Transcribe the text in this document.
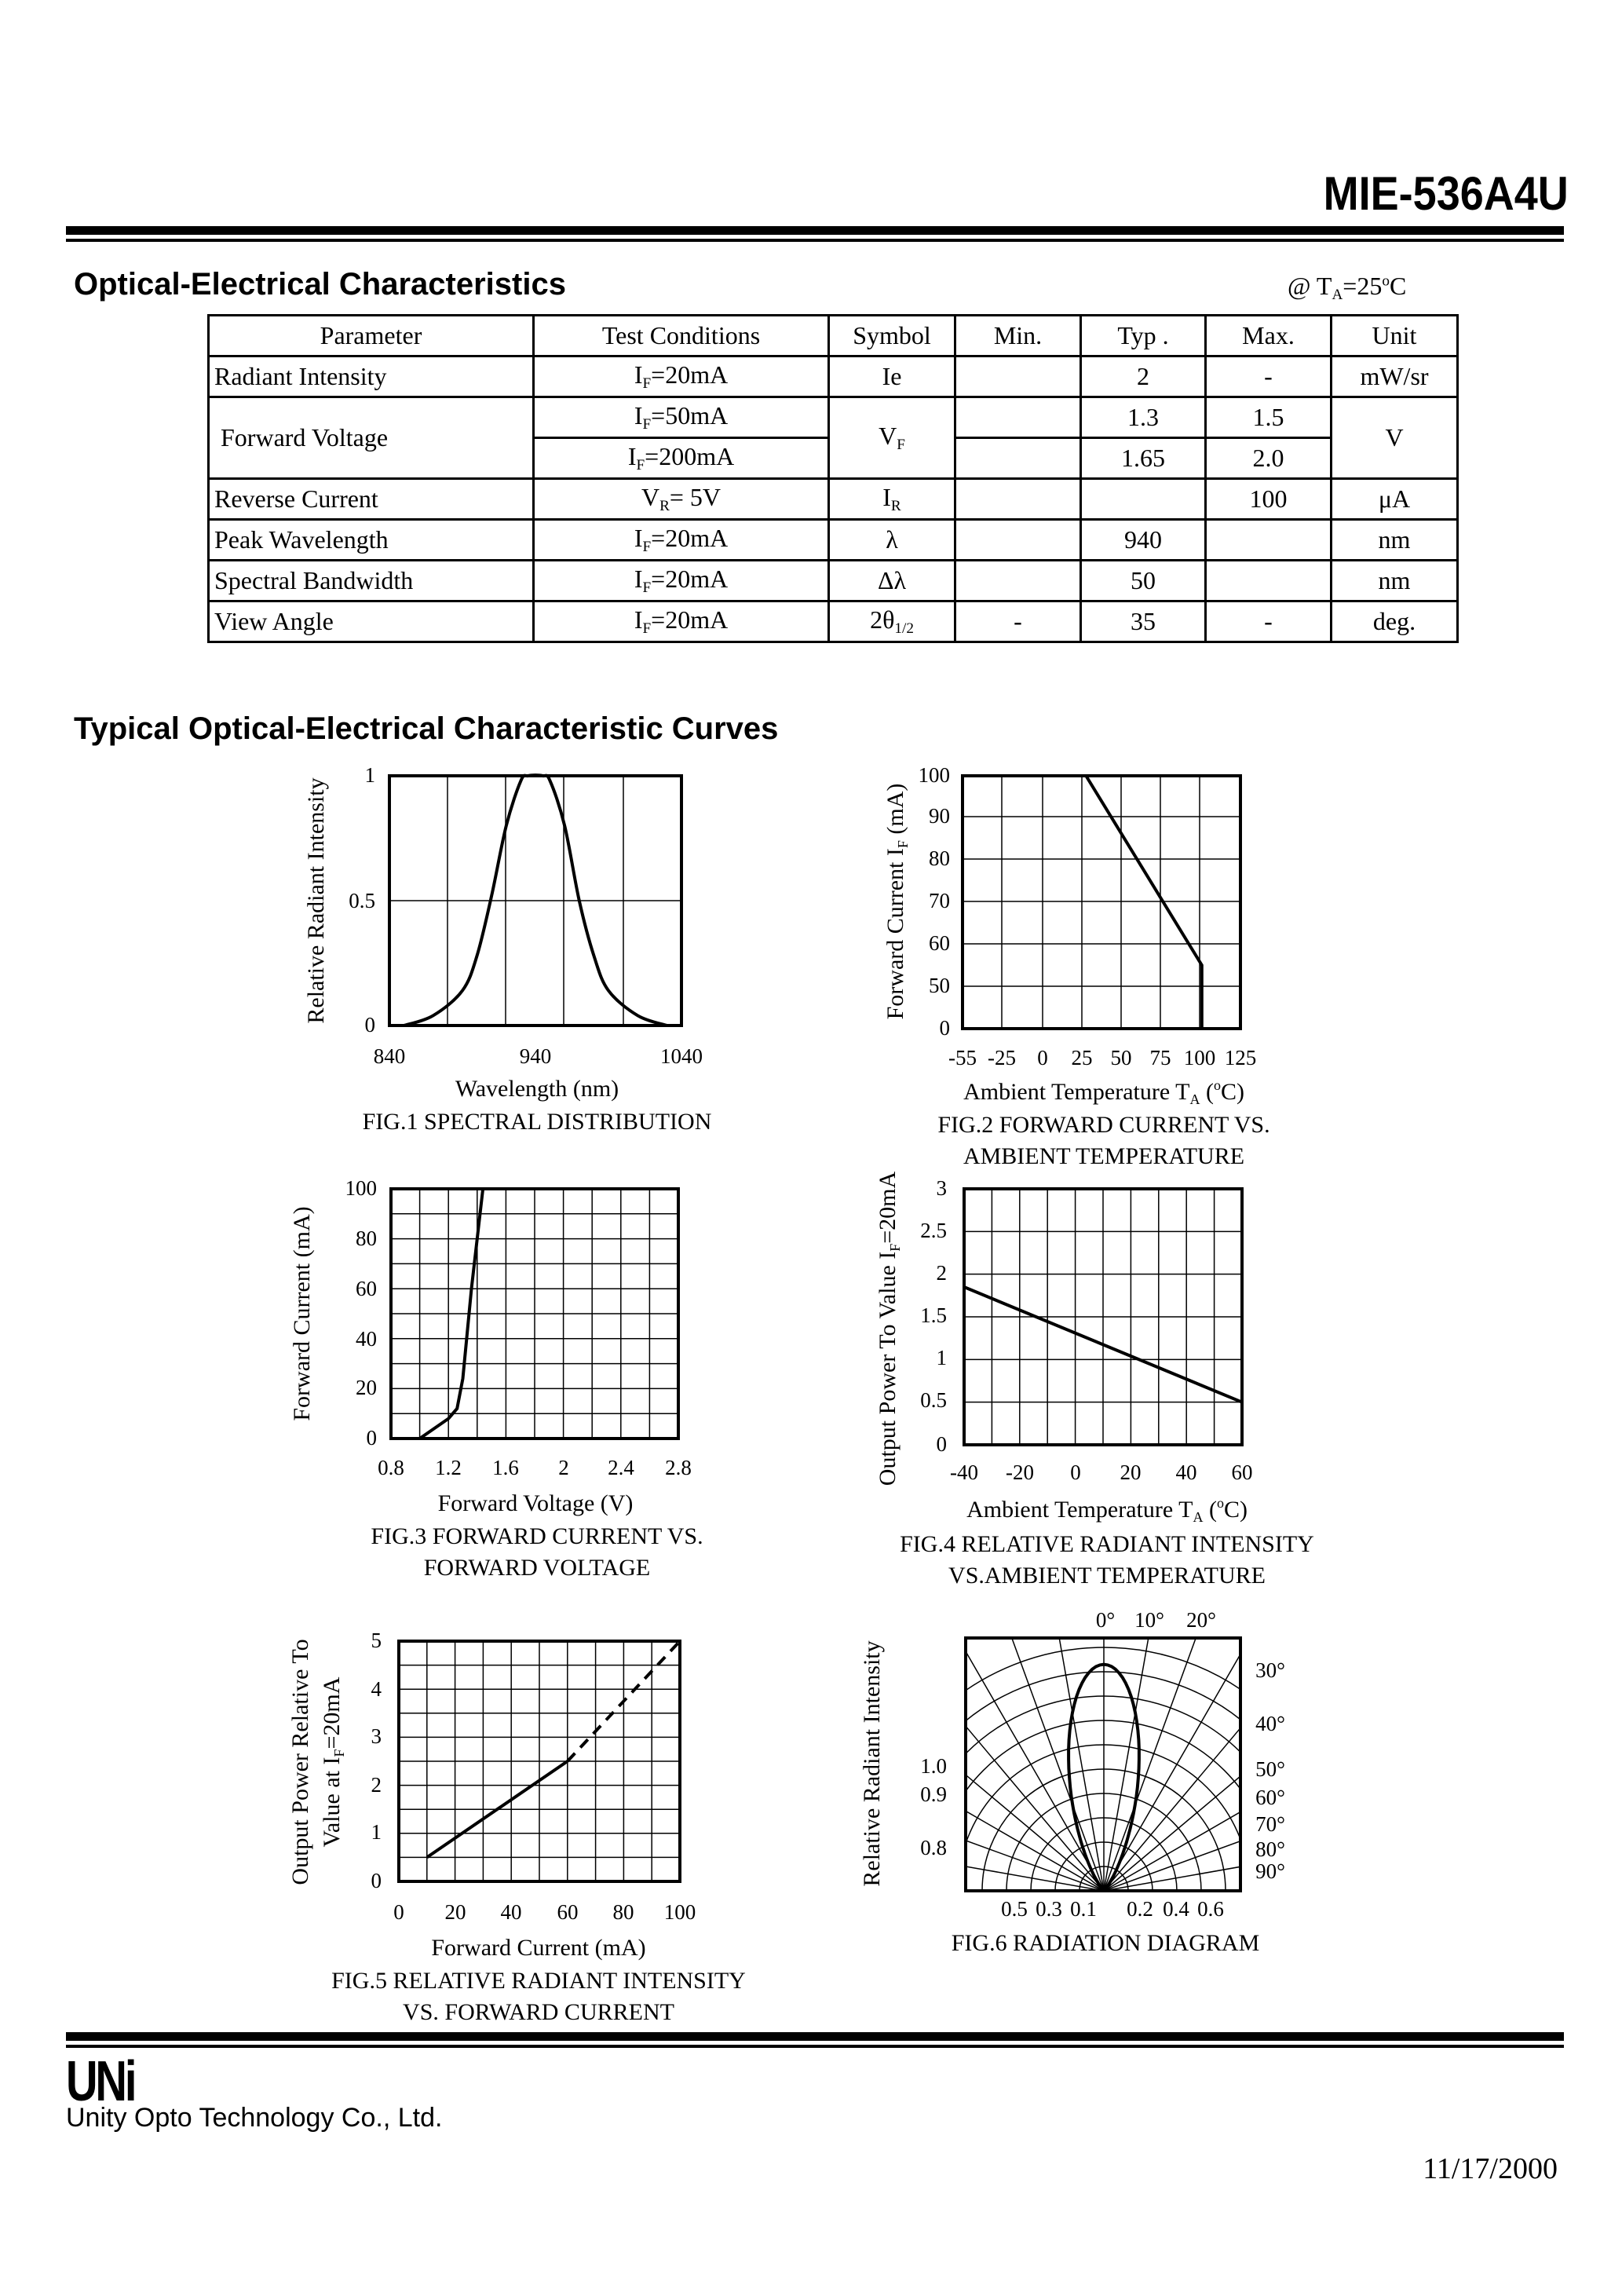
MIE-536A4U
Optical-Electrical Characteristics	@ $T_A=25^oC$
Parameter	Test Conditions	Symbol	Min.	Typ .	Max.	Unit
Radiant Intensity	$I_F=20mA$	Ie		2	-	mW/sr
Forward Voltage	$I_F=50mA$	$V_F$		1.3	1.5	V
	$I_F=200mA$			1.65	2.0	
Reverse Current	$V_R= 5V$	$I_R$			100	μA
Peak Wavelength	$I_F=20mA$	λ		940		nm
Spectral Bandwidth	$I_F=20mA$	Δλ		50		nm
View Angle	$I_F=20mA$	$2\theta_{1/2}$	-	35	-	deg.
Typical Optical-Electrical Characteristic Curves
840	940	1040
1
0.5
0
Wavelength (nm)
Relative Radiant Intensity
FIG.1 SPECTRAL DISTRIBUTION
-55 -25 0 25 50 75 100 125
100
90
80
70
60
50
0
Ambient Temperature $T_A$ ($^o$C)
Forward Current $I_F$ (mA)
FIG.2 FORWARD CURRENT VS.
AMBIENT TEMPERATURE
0.8 1.2 1.6 2 2.4 2.8
100
80
60
40
20
0
Forward Voltage (V)
Forward Current (mA)
FIG.3 FORWARD CURRENT VS.
FORWARD VOLTAGE
-40 -20 0 20 40 60
3
2.5
2
1.5
1
0.5
0
Ambient Temperature $T_A$ ($^o$C)
Output Power To Value $I_F=20mA$
FIG.4 RELATIVE RADIANT INTENSITY
VS.AMBIENT TEMPERATURE
0 20 40 60 80 100
5
4
3
2
1
0
Forward Current (mA)
Output Power Relative To Value at $I_F=20mA$
FIG.5 RELATIVE RADIANT INTENSITY
VS. FORWARD CURRENT
0° 10° 20°
30°
40°
50°
60°
70°
80°
90°
1.0
0.9
0.8
0.5 0.3 0.1 0.2 0.4 0.6
Relative Radiant Intensity
FIG.6 RADIATION DIAGRAM
UNi
Unity Opto Technology Co., Ltd.
11/17/2000
